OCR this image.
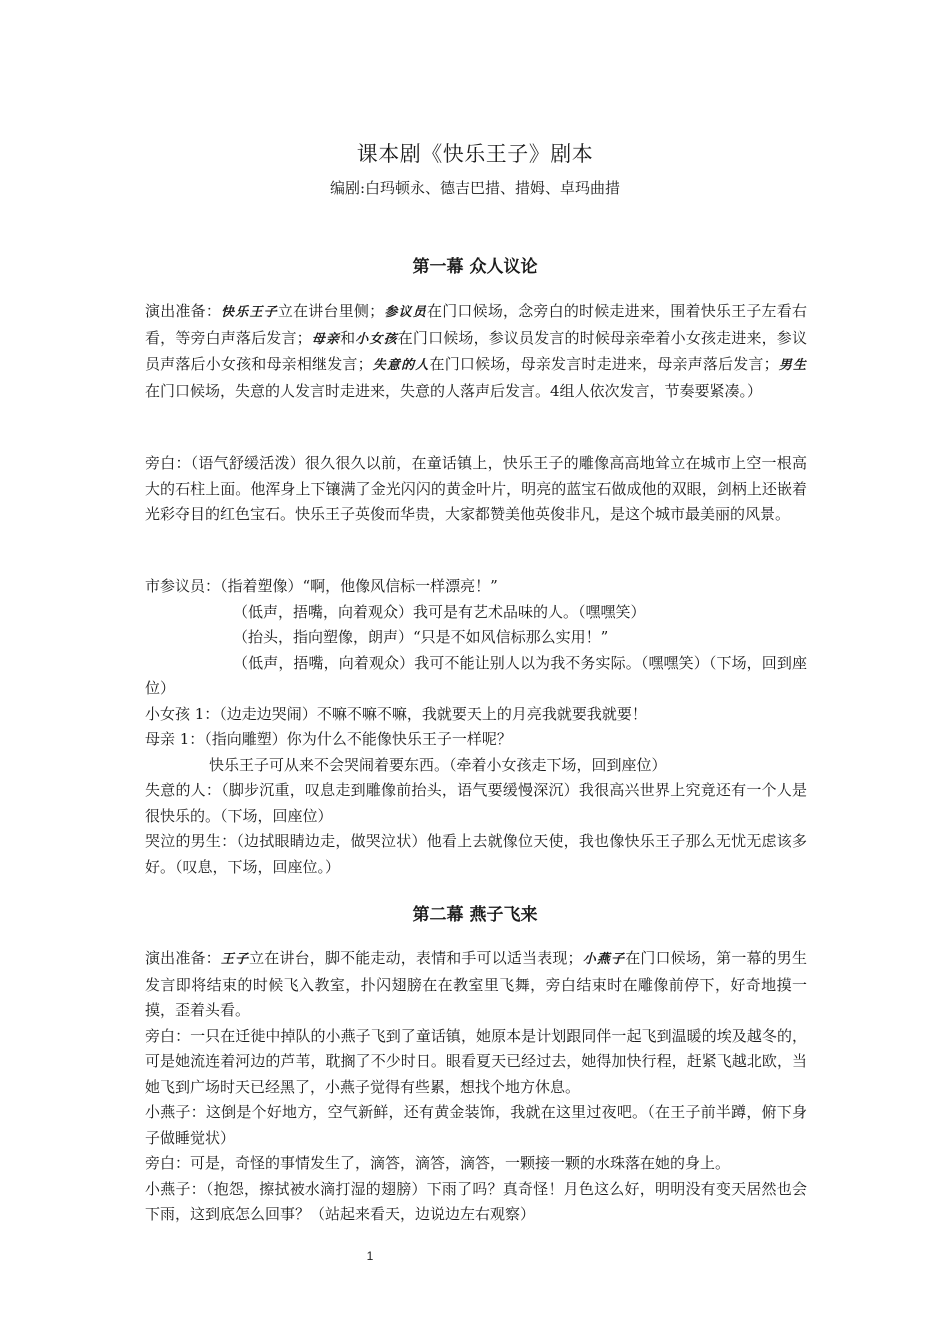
课本剧《快乐王子》剧本
编剧:白玛顿永、德吉巴措、措姆、卓玛曲措
第一幕 众人议论

演出准备：快乐王子立在讲台里侧；参议员在门口候场，念旁白的时候走进来，围着快乐王子左看右看，等旁白声落后发言；母亲和小女孩在门口候场，参议员发言的时候母亲牵着小女孩走进来，参议员声落后小女孩和母亲相继发言；失意的人在门口候场，母亲发言时走进来，母亲声落后发言；男生在门口候场，失意的人发言时走进来，失意的人落声后发言。4组人依次发言，节奏要紧凑。）

旁白：（语气舒缓活泼）很久很久以前，在童话镇上，快乐王子的雕像高高地耸立在城市上空一根高大的石柱上面。他浑身上下镶满了金光闪闪的黄金叶片，明亮的蓝宝石做成他的双眼，剑柄上还嵌着光彩夺目的红色宝石。快乐王子英俊而华贵，大家都赞美他英俊非凡，是这个城市最美丽的风景。

市参议员：（指着塑像）“啊，他像风信标一样漂亮！”

（低声，捂嘴，向着观众）我可是有艺术品味的人。（嘿嘿笑）

（抬头，指向塑像，朗声）“只是不如风信标那么实用！”

（低声，捂嘴，向着观众）我可不能让别人以为我不务实际。（嘿嘿笑）（下场，回到座位）

小女孩 1：（边走边哭闹）不嘛不嘛不嘛，我就要天上的月亮我就要我就要！

母亲 1：（指向雕塑）你为什么不能像快乐王子一样呢？

快乐王子可从来不会哭闹着要东西。（牵着小女孩走下场，回到座位）

失意的人：（脚步沉重，叹息走到雕像前抬头，语气要缓慢深沉）我很高兴世界上究竟还有一个人是很快乐的。（下场，回座位）

哭泣的男生：（边拭眼睛边走，做哭泣状）他看上去就像位天使，我也像快乐王子那么无忧无虑该多好。（叹息，下场，回座位。）

第二幕 燕子飞来

演出准备：王子立在讲台，脚不能走动，表情和手可以适当表现；小燕子在门口候场，第一幕的男生发言即将结束的时候飞入教室，扑闪翅膀在在教室里飞舞，旁白结束时在雕像前停下，好奇地摸一摸，歪着头看。

旁白：一只在迁徙中掉队的小燕子飞到了童话镇，她原本是计划跟同伴一起飞到温暖的埃及越冬的，可是她流连着河边的芦苇，耽搁了不少时日。眼看夏天已经过去，她得加快行程，赶紧飞越北欧，当她飞到广场时天已经黑了，小燕子觉得有些累，想找个地方休息。

小燕子：这倒是个好地方，空气新鲜，还有黄金装饰，我就在这里过夜吧。（在王子前半蹲，俯下身子做睡觉状）

旁白：可是，奇怪的事情发生了，滴答，滴答，滴答，一颗接一颗的水珠落在她的身上。

小燕子：（抱怨，擦拭被水滴打湿的翅膀）下雨了吗？真奇怪！月色这么好，明明没有变天居然也会下雨，这到底怎么回事？（站起来看天，边说边左右观察）

1
